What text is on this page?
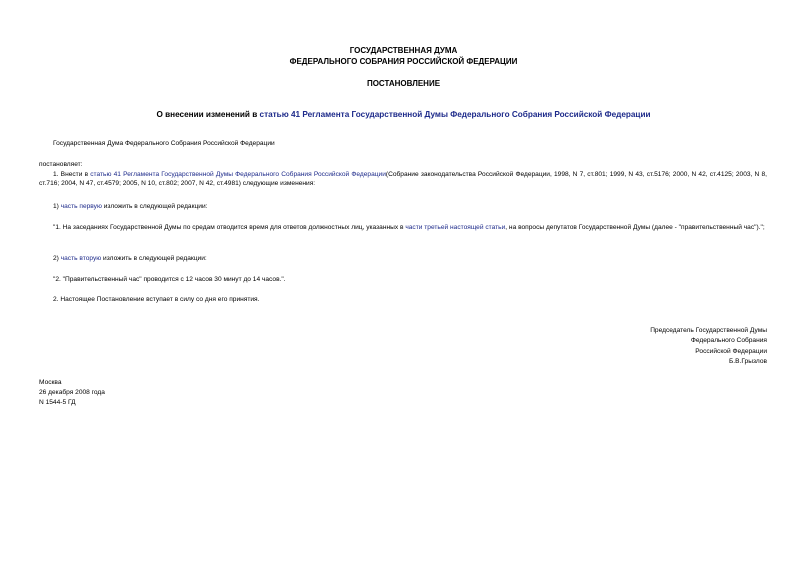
ГОСУДАРСТВЕННАЯ ДУМА
ФЕДЕРАЛЬНОГО СОБРАНИЯ РОССИЙСКОЙ ФЕДЕРАЦИИ
ПОСТАНОВЛЕНИЕ
О внесении изменений в статью 41 Регламента Государственной Думы Федерального Собрания Российской Федерации

Государственная Дума Федерального Собрания Российской Федерации

постановляет:

1. Внести в статью 41 Регламента Государственной Думы Федерального Собрания Российской Федерации(Собрание законодательства Российской Федерации, 1998, N 7, ст.801; 1999, N 43, ст.5176; 2000, N 42, ст.4125; 2003, N 8, ст.716; 2004, N 47, ст.4579; 2005, N 10, ст.802; 2007, N 42, ст.4981) следующие изменения:

1) часть первую изложить в следующей редакции:

"1. На заседаниях Государственной Думы по средам отводится время для ответов должностных лиц, указанных в части третьей настоящей статьи, на вопросы депутатов Государственной Думы (далее - "правительственный час").";

2) часть вторую изложить в следующей редакции:

"2. "Правительственный час" проводится с 12 часов 30 минут до 14 часов.".

2. Настоящее Постановление вступает в силу со дня его принятия.

Председатель Государственной Думы
Федерального Собрания
Российской Федерации
Б.В.Грызлов
Москва
26 декабря 2008 года
N 1544-5 ГД
